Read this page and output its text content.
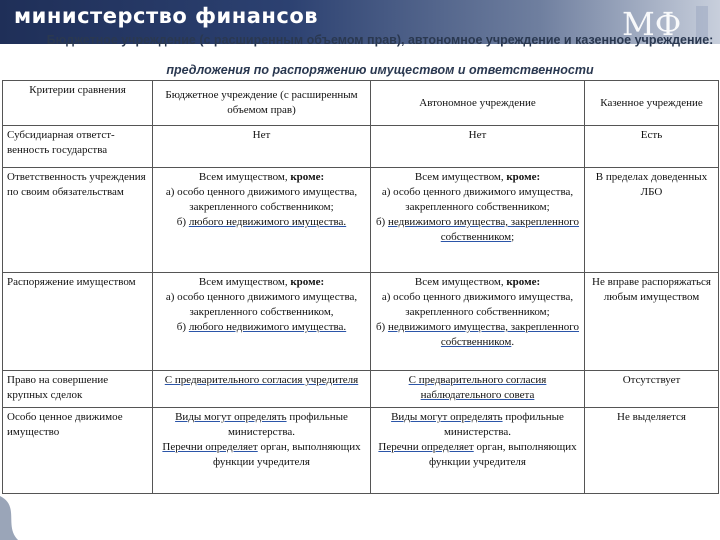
министерство финансов	МФ
Бюджетное учреждение (с расширенным объемом прав), автономное учреждение и казенное учреждение:
предложения по распоряжению имуществом и ответственности
Критерии сравнения	Бюджетное учреждение (с расширенным объемом прав)	Автономное учреждение	Казенное учреждение
Субсидиарная ответст-венность государства	Нет	Нет	Есть
Ответственность учреждения по своим обязательствам	Всем имуществом, кроме:
а) особо ценного движимого имущества, закрепленного собственником;
б) любого недвижимого имущества.	Всем имуществом, кроме:
а) особо ценного движимого имущества, закрепленного собственником;
б) недвижимого имущества, закрепленного собственником;	В пределах доведенных ЛБО
Распоряжение имуществом	Всем имуществом, кроме:
а) особо ценного движимого имущества, закрепленного собственником,
б) любого недвижимого имущества.	Всем имуществом, кроме:
а) особо ценного движимого имущества, закрепленного собственником;
б) недвижимого имущества, закрепленного собственником.	Не вправе распоряжаться любым имуществом
Право на совершение крупных сделок	С предварительного согласия учредителя	С предварительного согласия наблюдательного совета	Отсутствует
Особо ценное движимое имущество	Виды могут определять профильные министерства.
Перечни определяет орган, выполняющих функции учредителя	Виды могут определять профильные министерства.
Перечни определяет орган, выполняющих функции учредителя	Не выделяется
